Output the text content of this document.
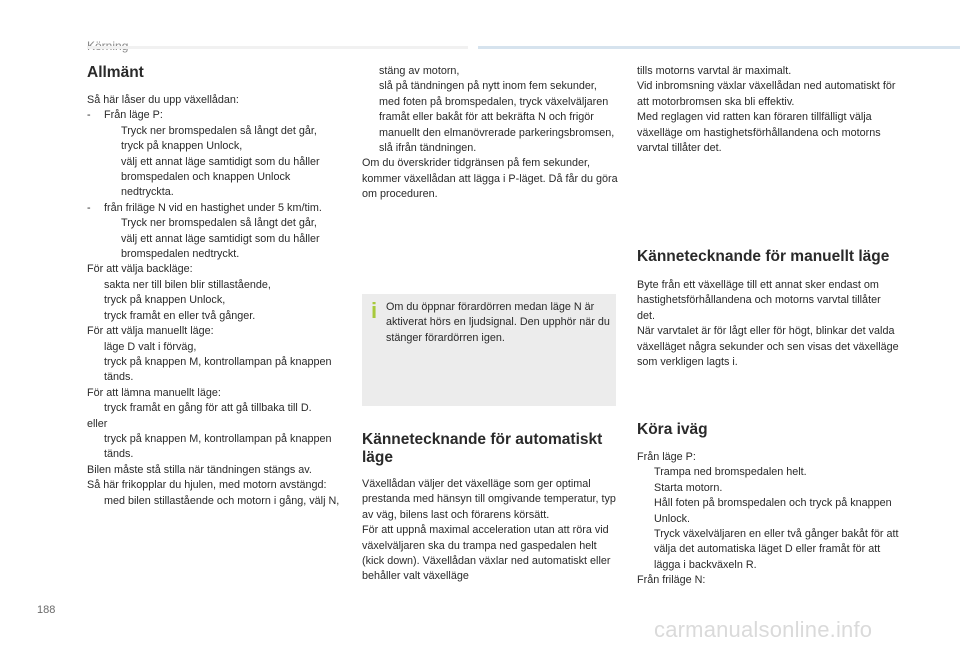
Allmänt
Så här låser du upp växellådan:
-	Från läge P:
Tryck ner bromspedalen så långt det går,
tryck på knappen Unlock,
välj ett annat läge samtidigt som du håller bromspedalen och knappen Unlock nedtryckta.
-	från friläge N vid en hastighet under 5 km/tim.
Tryck ner bromspedalen så långt det går,
välj ett annat läge samtidigt som du håller bromspedalen nedtryckt.
För att välja backläge:
sakta ner till bilen blir stillastående,
tryck på knappen Unlock,
tryck framåt en eller två gånger.
För att välja manuellt läge:
läge D valt i förväg,
tryck på knappen M, kontrollampan på knappen tänds.
För att lämna manuellt läge:
tryck framåt en gång för att gå tillbaka till D.
eller
tryck på knappen M, kontrollampan på knappen tänds.
Bilen måste stå stilla när tändningen stängs av.
Så här frikopplar du hjulen, med motorn avstängd:
med bilen stillastående och motorn i gång, välj N,
stäng av motorn,
slå på tändningen på nytt inom fem sekunder,
med foten på bromspedalen, tryck växelväljaren framåt eller bakåt för att bekräfta N och frigör manuellt den elmanövrerade parkeringsbromsen,
slå ifrån tändningen.
Om du överskrider tidgränsen på fem sekunder, kommer växellådan att lägga i P-läget. Då får du göra om proceduren.
i Om du öppnar förardörren medan läge N är aktiverat hörs en ljudsignal. Den upphör när du stänger förardörren igen.
Kännetecknande för automatiskt läge

Växellådan väljer det växelläge som ger optimal prestanda med hänsyn till omgivande temperatur, typ av väg, bilens last och förarens körsätt.

För att uppnå maximal acceleration utan att röra vid växelväljaren ska du trampa ned gaspedalen helt (kick down). Växellådan växlar ned automatiskt eller behåller valt växelläge

tills motorns varvtal är maximalt.

Vid inbromsning växlar växellådan ned automatiskt för att motorbromsen ska bli effektiv.

Med reglagen vid ratten kan föraren tillfälligt välja växelläge om hastighetsförhållandena och motorns varvtal tillåter det.

Kännetecknande för manuellt läge

Byte från ett växelläge till ett annat sker endast om hastighetsförhållandena och motorns varvtal tillåter det.

När varvtalet är för lågt eller för högt, blinkar det valda växelläget några sekunder och sen visas det växelläge som verkligen lagts i.

Köra iväg
Från läge P:
Trampa ned bromspedalen helt.
Starta motorn.
Håll foten på bromspedalen och tryck på knappen Unlock.
Tryck växelväljaren en eller två gånger bakåt för att välja det automatiska läget D eller framåt för att lägga i backväxeln R.
Från friläge N:
188
carmanualsonline.info
